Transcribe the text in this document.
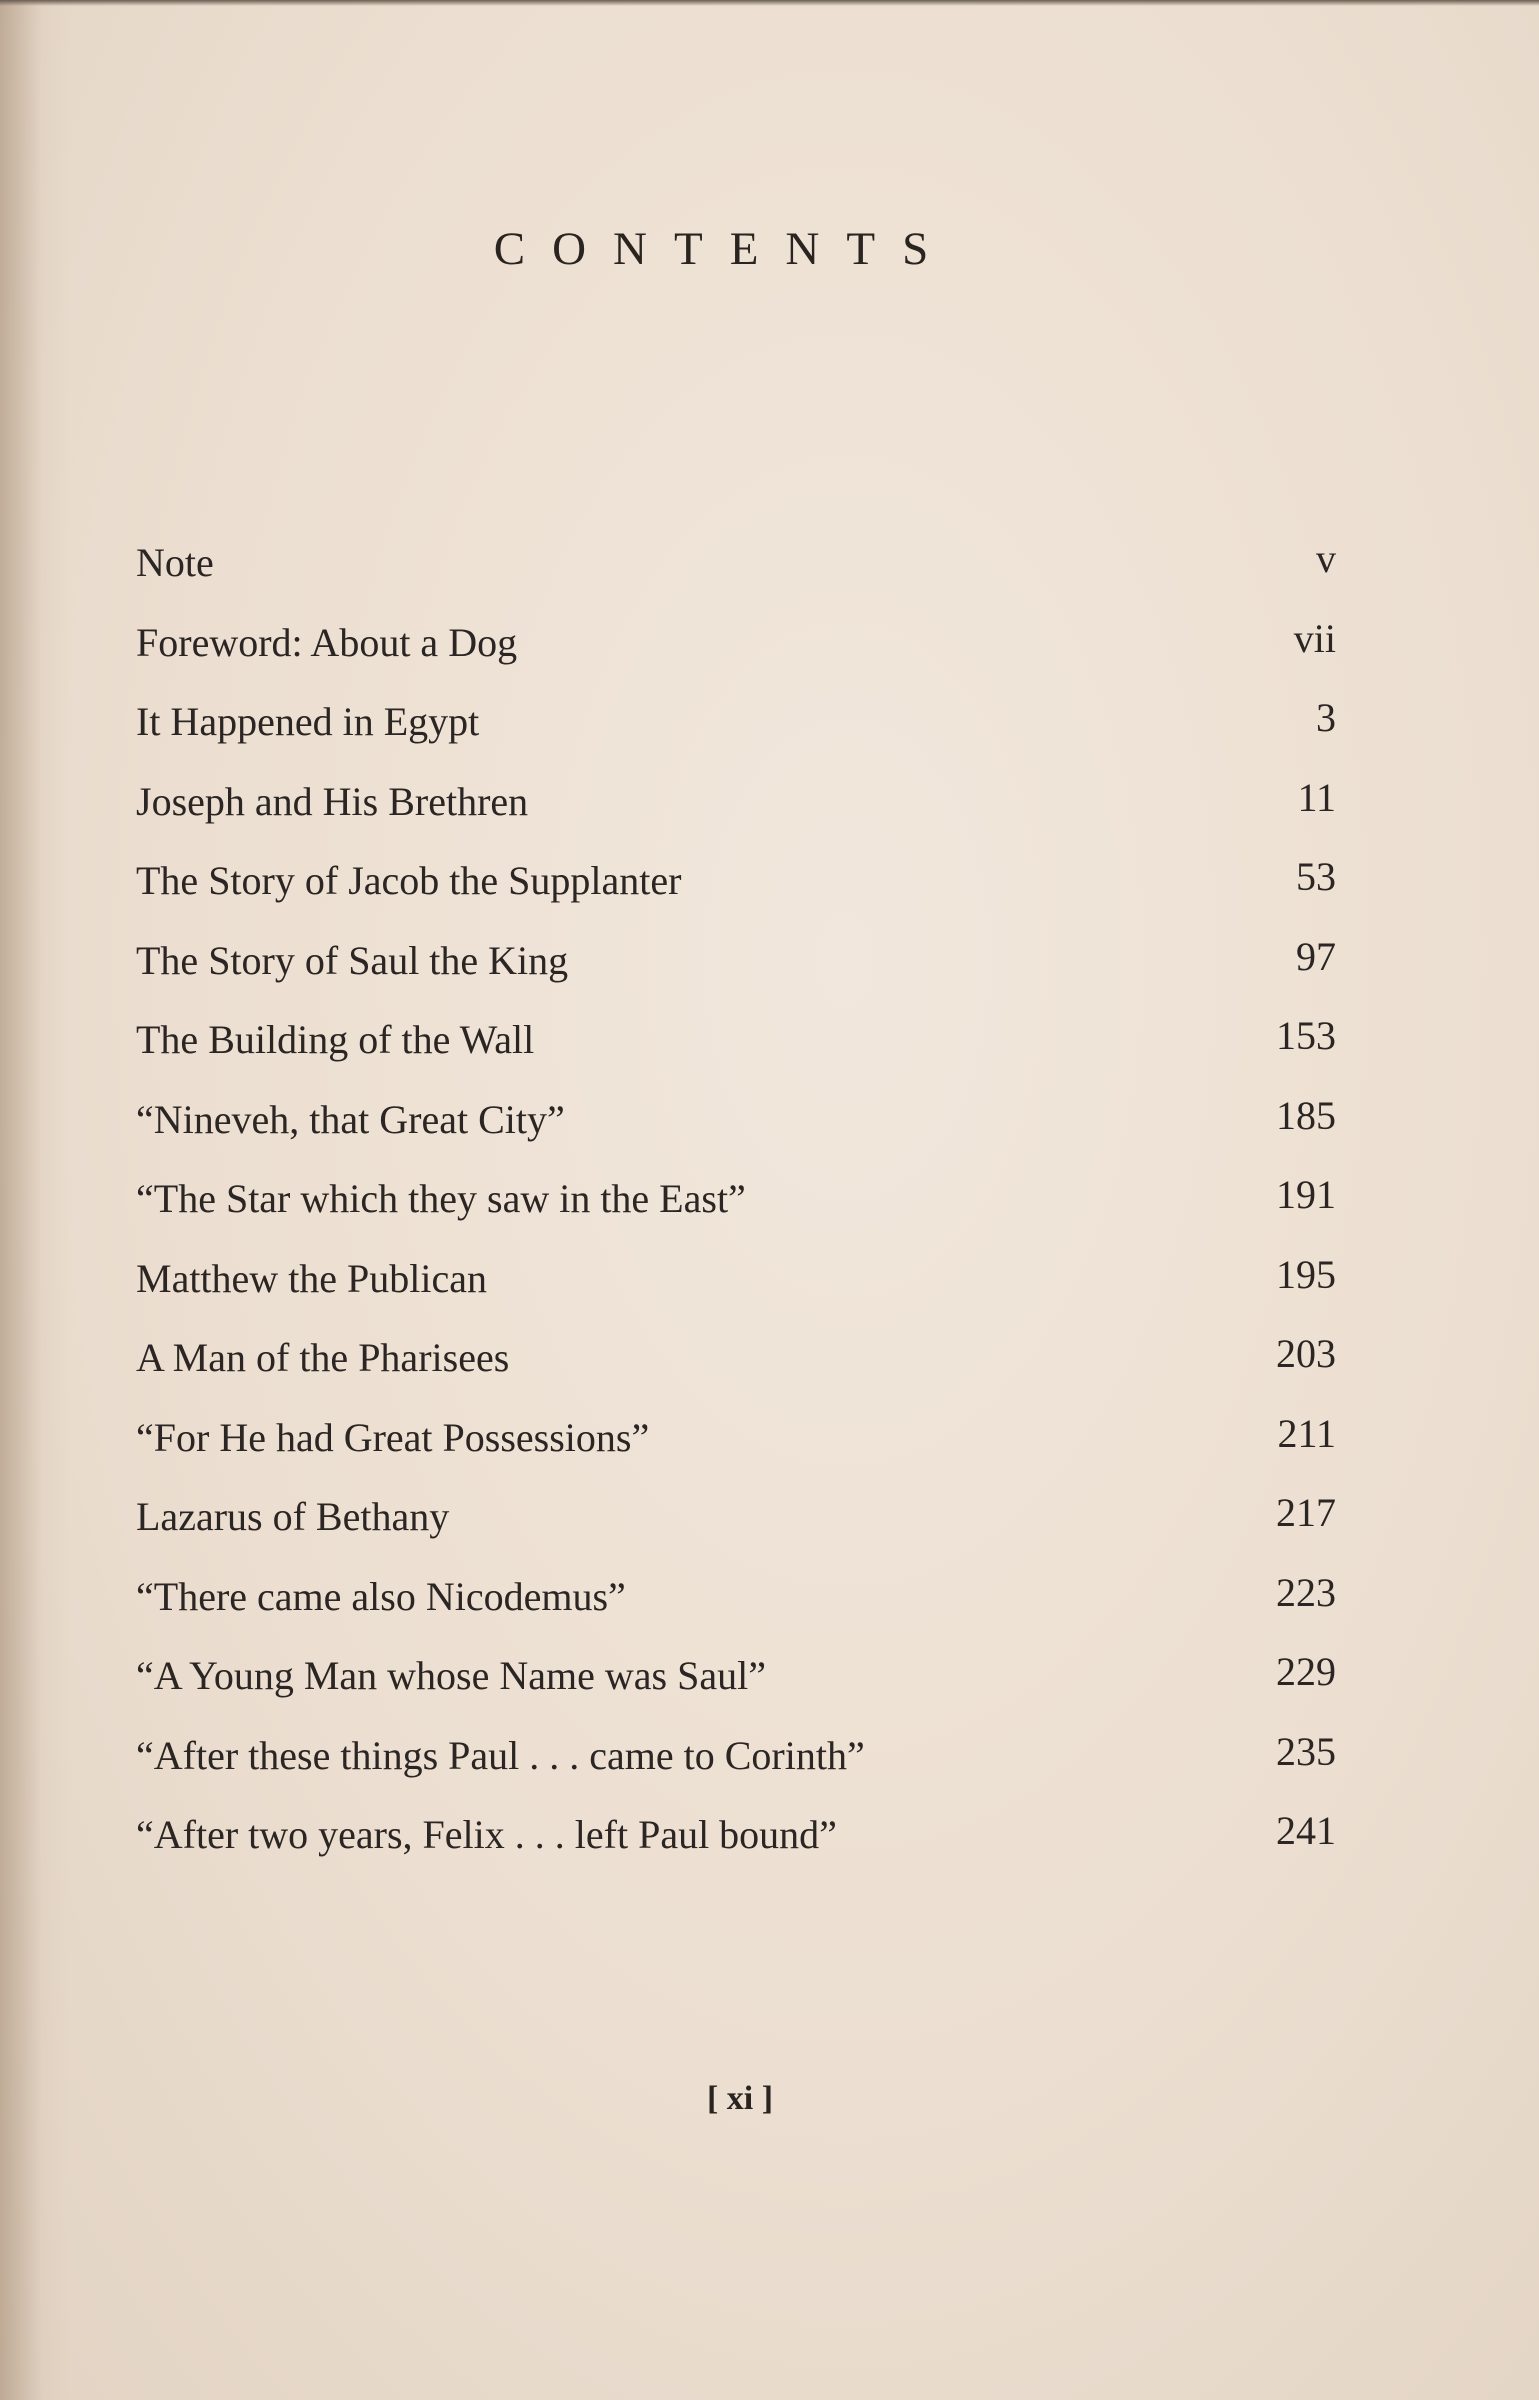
CONTENTS
Note	v
Foreword: About a Dog	vii
It Happened in Egypt	3
Joseph and His Brethren	11
The Story of Jacob the Supplanter	53
The Story of Saul the King	97
The Building of the Wall	153
“Nineveh, that Great City”	185
“The Star which they saw in the East”	191
Matthew the Publican	195
A Man of the Pharisees	203
“For He had Great Possessions”	211
Lazarus of Bethany	217
“There came also Nicodemus”	223
“A Young Man whose Name was Saul”	229
“After these things Paul . . . came to Corinth”	235
“After two years, Felix . . . left Paul bound”	241
[ xi ]
